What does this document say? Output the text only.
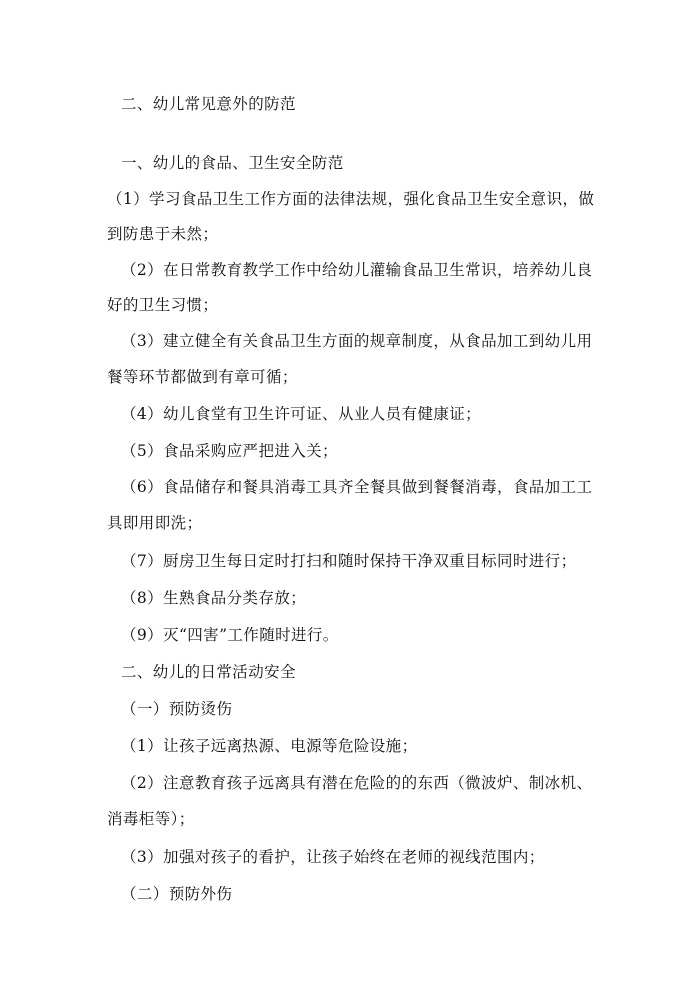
二、幼儿常见意外的防范
一、幼儿的食品、卫生安全防范
（1）学习食品卫生工作方面的法律法规，强化食品卫生安全意识，做
到防患于未然；
（2）在日常教育教学工作中给幼儿灌输食品卫生常识，培养幼儿良
好的卫生习惯；
（3）建立健全有关食品卫生方面的规章制度，从食品加工到幼儿用
餐等环节都做到有章可循；
（4）幼儿食堂有卫生许可证、从业人员有健康证；
（5）食品采购应严把进入关；
（6）食品储存和餐具消毒工具齐全餐具做到餐餐消毒，食品加工工
具即用即洗；
（7）厨房卫生每日定时打扫和随时保持干净双重目标同时进行；
（8）生熟食品分类存放；
（9）灭“四害”工作随时进行。
二、幼儿的日常活动安全
（一）预防烫伤
（1）让孩子远离热源、电源等危险设施；
（2）注意教育孩子远离具有潜在危险的的东西（微波炉、制冰机、
消毒柜等）；
（3）加强对孩子的看护，让孩子始终在老师的视线范围内；
（二）预防外伤
